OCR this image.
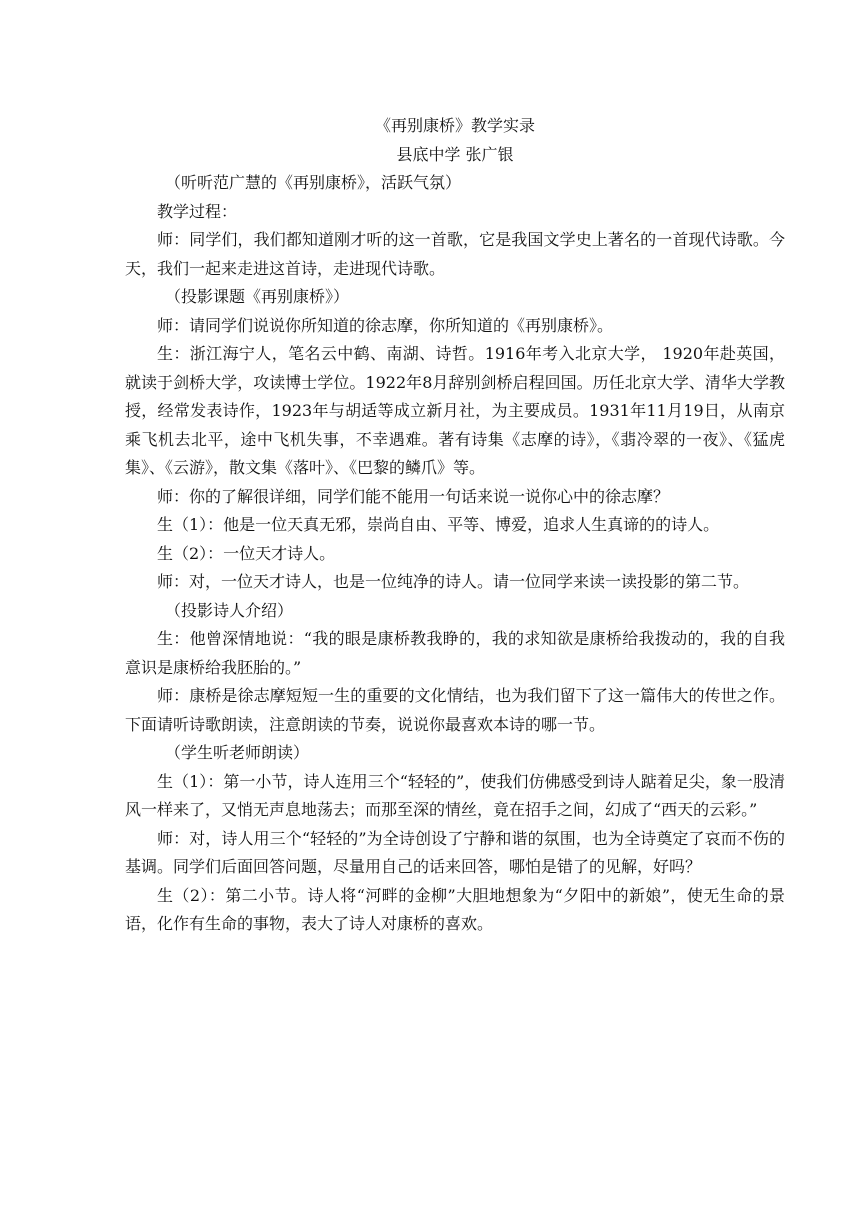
《再别康桥》教学实录
县底中学 张广银
（听听范广慧的《再别康桥》，活跃气氛）
教学过程：
师：同学们，我们都知道刚才听的这一首歌，它是我国文学史上著名的一首现代诗歌。今天，我们一起来走进这首诗，走进现代诗歌。
（投影课题《再别康桥》）
师：请同学们说说你所知道的徐志摩，你所知道的《再别康桥》。
生：浙江海宁人，笔名云中鹤、南湖、诗哲。1916年考入北京大学， 1920年赴英国，就读于剑桥大学，攻读博士学位。1922年8月辞别剑桥启程回国。历任北京大学、清华大学教授，经常发表诗作，1923年与胡适等成立新月社，为主要成员。1931年11月19日，从南京乘飞机去北平，途中飞机失事，不幸遇难。著有诗集《志摩的诗》，《翡冷翠的一夜》、《猛虎集》、《云游》，散文集《落叶》、《巴黎的鳞爪》等。
师：你的了解很详细，同学们能不能用一句话来说一说你心中的徐志摩？
生（1）：他是一位天真无邪，崇尚自由、平等、博爱，追求人生真谛的的诗人。
生（2）：一位天才诗人。
师：对，一位天才诗人，也是一位纯净的诗人。请一位同学来读一读投影的第二节。
（投影诗人介绍）
生：他曾深情地说：“我的眼是康桥教我睁的，我的求知欲是康桥给我拨动的，我的自我意识是康桥给我胚胎的。”
师：康桥是徐志摩短短一生的重要的文化情结，也为我们留下了这一篇伟大的传世之作。下面请听诗歌朗读，注意朗读的节奏，说说你最喜欢本诗的哪一节。
（学生听老师朗读）
生（1）：第一小节，诗人连用三个“轻轻的”，使我们仿佛感受到诗人踮着足尖，象一股清风一样来了，又悄无声息地荡去；而那至深的情丝，竟在招手之间，幻成了“西天的云彩。”
师：对，诗人用三个“轻轻的”为全诗创设了宁静和谐的氛围，也为全诗奠定了哀而不伤的基调。同学们后面回答问题，尽量用自己的话来回答，哪怕是错了的见解，好吗？
生（2）：第二小节。诗人将“河畔的金柳”大胆地想象为“夕阳中的新娘”，使无生命的景语，化作有生命的事物，表大了诗人对康桥的喜欢。
